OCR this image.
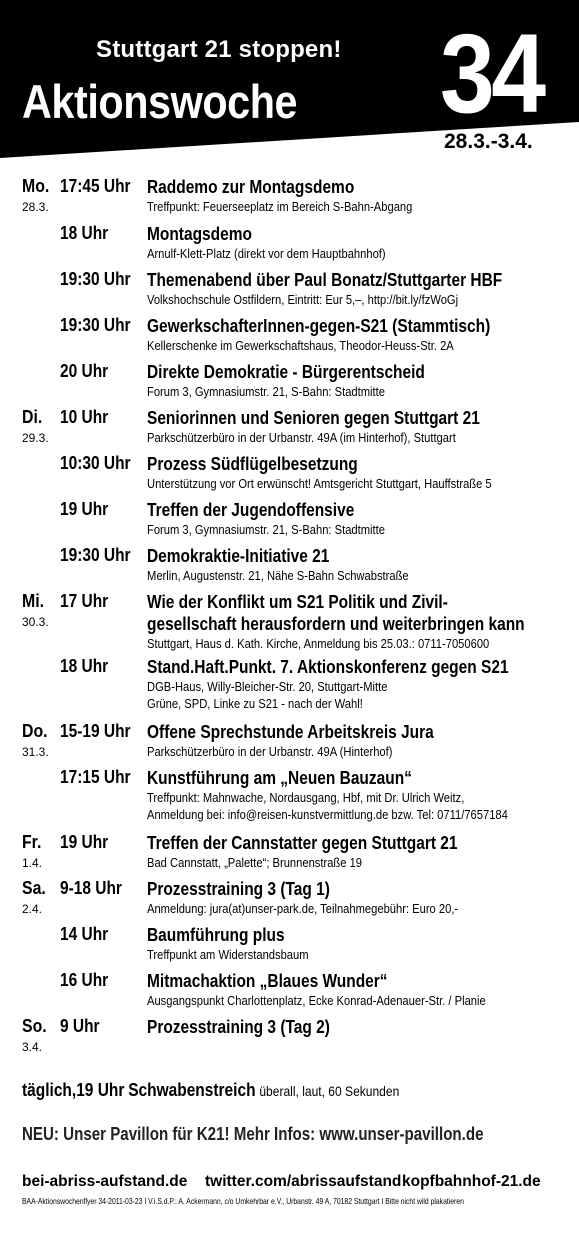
Stuttgart 21 stoppen!
Aktionswoche 34
28.3.-3.4.
Mo.
28.3.
17:45 Uhr Raddemo zur Montagsdemo
Treffpunkt: Feuerseeplatz im Bereich S-Bahn-Abgang
18 Uhr Montagsdemo
Arnulf-Klett-Platz (direkt vor dem Hauptbahnhof)
19:30 Uhr Themenabend über Paul Bonatz/Stuttgarter HBF
Volkshochschule Ostfildern, Eintritt: Eur 5,–, http://bit.ly/fzWoGj
19:30 Uhr GewerkschafterInnen-gegen-S21 (Stammtisch)
Kellerschenke im Gewerkschaftshaus, Theodor-Heuss-Str. 2A
20 Uhr Direkte Demokratie - Bürgerentscheid
Forum 3, Gymnasiumstr. 21, S-Bahn: Stadtmitte
Di.
29.3.
10 Uhr Seniorinnen und Senioren gegen Stuttgart 21
Parkschützerbüro in der Urbanstr. 49A (im Hinterhof), Stuttgart
10:30 Uhr Prozess Südflügelbesetzung
Unterstützung vor Ort erwünscht! Amtsgericht Stuttgart, Hauffstraße 5
19 Uhr Treffen der Jugendoffensive
Forum 3, Gymnasiumstr. 21, S-Bahn: Stadtmitte
19:30 Uhr Demokraktie-Initiative 21
Merlin, Augustenstr. 21, Nähe S-Bahn Schwabstraße
Mi.
30.3.
17 Uhr Wie der Konflikt um S21 Politik und Zivil-
gesellschaft herausfordern und weiterbringen kann
Stuttgart, Haus d. Kath. Kirche, Anmeldung bis 25.03.: 0711-7050600
18 Uhr Stand.Haft.Punkt. 7. Aktionskonferenz gegen S21
DGB-Haus, Willy-Bleicher-Str. 20, Stuttgart-Mitte
Grüne, SPD, Linke zu S21 - nach der Wahl!
Do.
31.3.
15-19 Uhr Offene Sprechstunde Arbeitskreis Jura
Parkschützerbüro in der Urbanstr. 49A (Hinterhof)
17:15 Uhr Kunstführung am „Neuen Bauzaun“
Treffpunkt: Mahnwache, Nordausgang, Hbf, mit Dr. Ulrich Weitz,
Anmeldung bei: info@reisen-kunstvermittlung.de bzw. Tel: 0711/7657184
Fr.
1.4.
19 Uhr Treffen der Cannstatter gegen Stuttgart 21
Bad Cannstatt, „Palette“; Brunnenstraße 19
Sa.
2.4.
9-18 Uhr Prozesstraining 3 (Tag 1)
Anmeldung: jura(at)unser-park.de, Teilnahmegebühr: Euro 20,-
14 Uhr Baumführung plus
Treffpunkt am Widerstandsbaum
16 Uhr Mitmachaktion „Blaues Wunder“
Ausgangspunkt Charlottenplatz, Ecke Konrad-Adenauer-Str. / Planie
So.
3.4.
9 Uhr	Prozesstraining 3 (Tag 2)
täglich,19 Uhr Schwabenstreich überall, laut, 60 Sekunden
NEU: Unser Pavillon für K21! Mehr Infos: www.unser-pavillon.de
bei-abriss-aufstand.de twitter.com/abrissaufstand kopfbahnhof-21.de
BAA-Aktionswochenflyer 34-2011-03-23 I V.i.S.d.P.: A. Ackermann, c/o Umkehrbar e.V., Urbanstr. 49 A, 70182 Stuttgart I Bitte nicht wild plakatieren
